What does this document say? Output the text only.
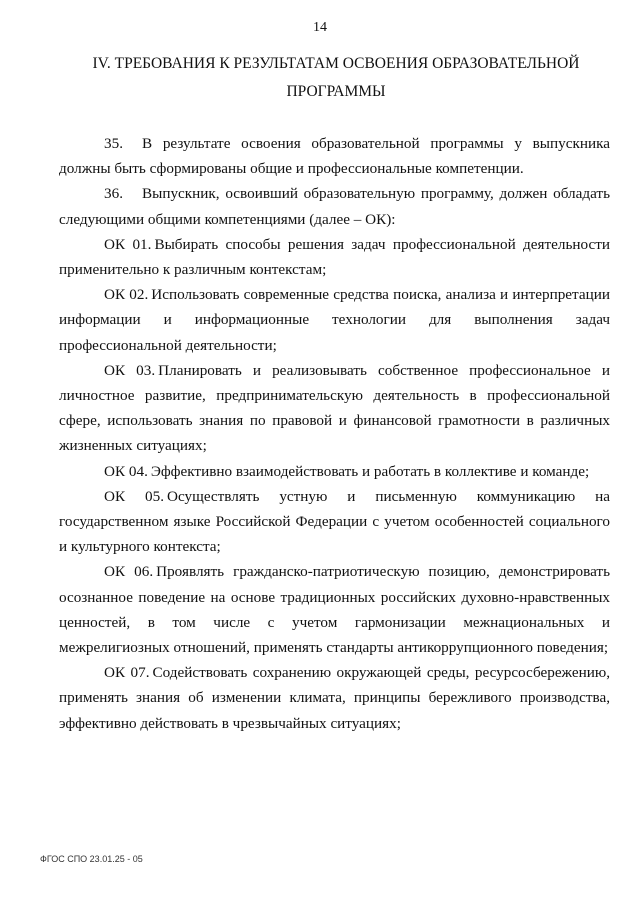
14
IV. ТРЕБОВАНИЯ К РЕЗУЛЬТАТАМ ОСВОЕНИЯ ОБРАЗОВАТЕЛЬНОЙ
ПРОГРАММЫ

35. В результате освоения образовательной программы у выпускника должны быть сформированы общие и профессиональные компетенции.

36. Выпускник, освоивший образовательную программу, должен обладать следующими общими компетенциями (далее – ОК):

ОК 01. Выбирать способы решения задач профессиональной деятельности применительно к различным контекстам;

ОК 02. Использовать современные средства поиска, анализа и интерпретации информации и информационные технологии для выполнения задач профессиональной деятельности;

ОК 03. Планировать и реализовывать собственное профессиональное и личностное развитие, предпринимательскую деятельность в профессиональной сфере, использовать знания по правовой и финансовой грамотности в различных жизненных ситуациях;

ОК 04. Эффективно взаимодействовать и работать в коллективе и команде;

ОК 05. Осуществлять устную и письменную коммуникацию на государственном языке Российской Федерации с учетом особенностей социального и культурного контекста;

ОК 06. Проявлять гражданско-патриотическую позицию, демонстрировать осознанное поведение на основе традиционных российских духовно-нравственных ценностей, в том числе с учетом гармонизации межнациональных и межрелигиозных отношений, применять стандарты антикоррупционного поведения;

ОК 07. Содействовать сохранению окружающей среды, ресурсосбережению, применять знания об изменении климата, принципы бережливого производства, эффективно действовать в чрезвычайных ситуациях;

ФГОС СПО 23.01.25 - 05
